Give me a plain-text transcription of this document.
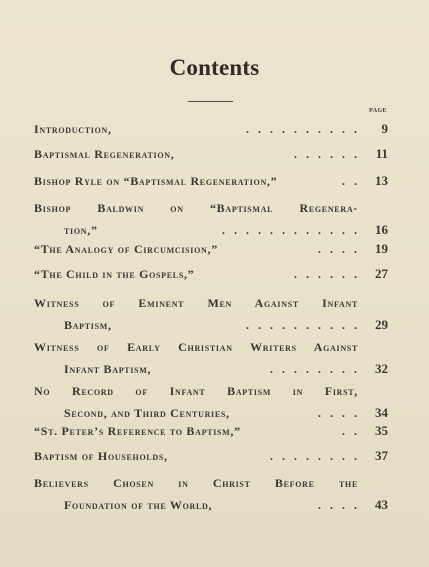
Contents
PAGE
Introduction,	. . . . . . . . . .	9
Baptismal Regeneration,	. . . . . .	11
Bishop Ryle on “Baptismal Regeneration,”	. .	13
Bishop Baldwin on “Baptismal Regenera-
tion,”	. . . . . . . . . . . .	16
“The Analogy of Circumcision,”	. . . .	19
“The Child in the Gospels,”	. . . . . .	27
Witness of Eminent Men Against Infant
Baptism,	. . . . . . . . . .	29
Witness of Early Christian Writers Against
Infant Baptism,	. . . . . . . .	32
No Record of Infant Baptism in First,
Second, and Third Centuries,	. . . .	34
“St. Peter’s Reference to Baptism,”	. .	35
Baptism of Households,	. . . . . . . .	37
Believers Chosen in Christ Before the
Foundation of the World,	. . . .	43
